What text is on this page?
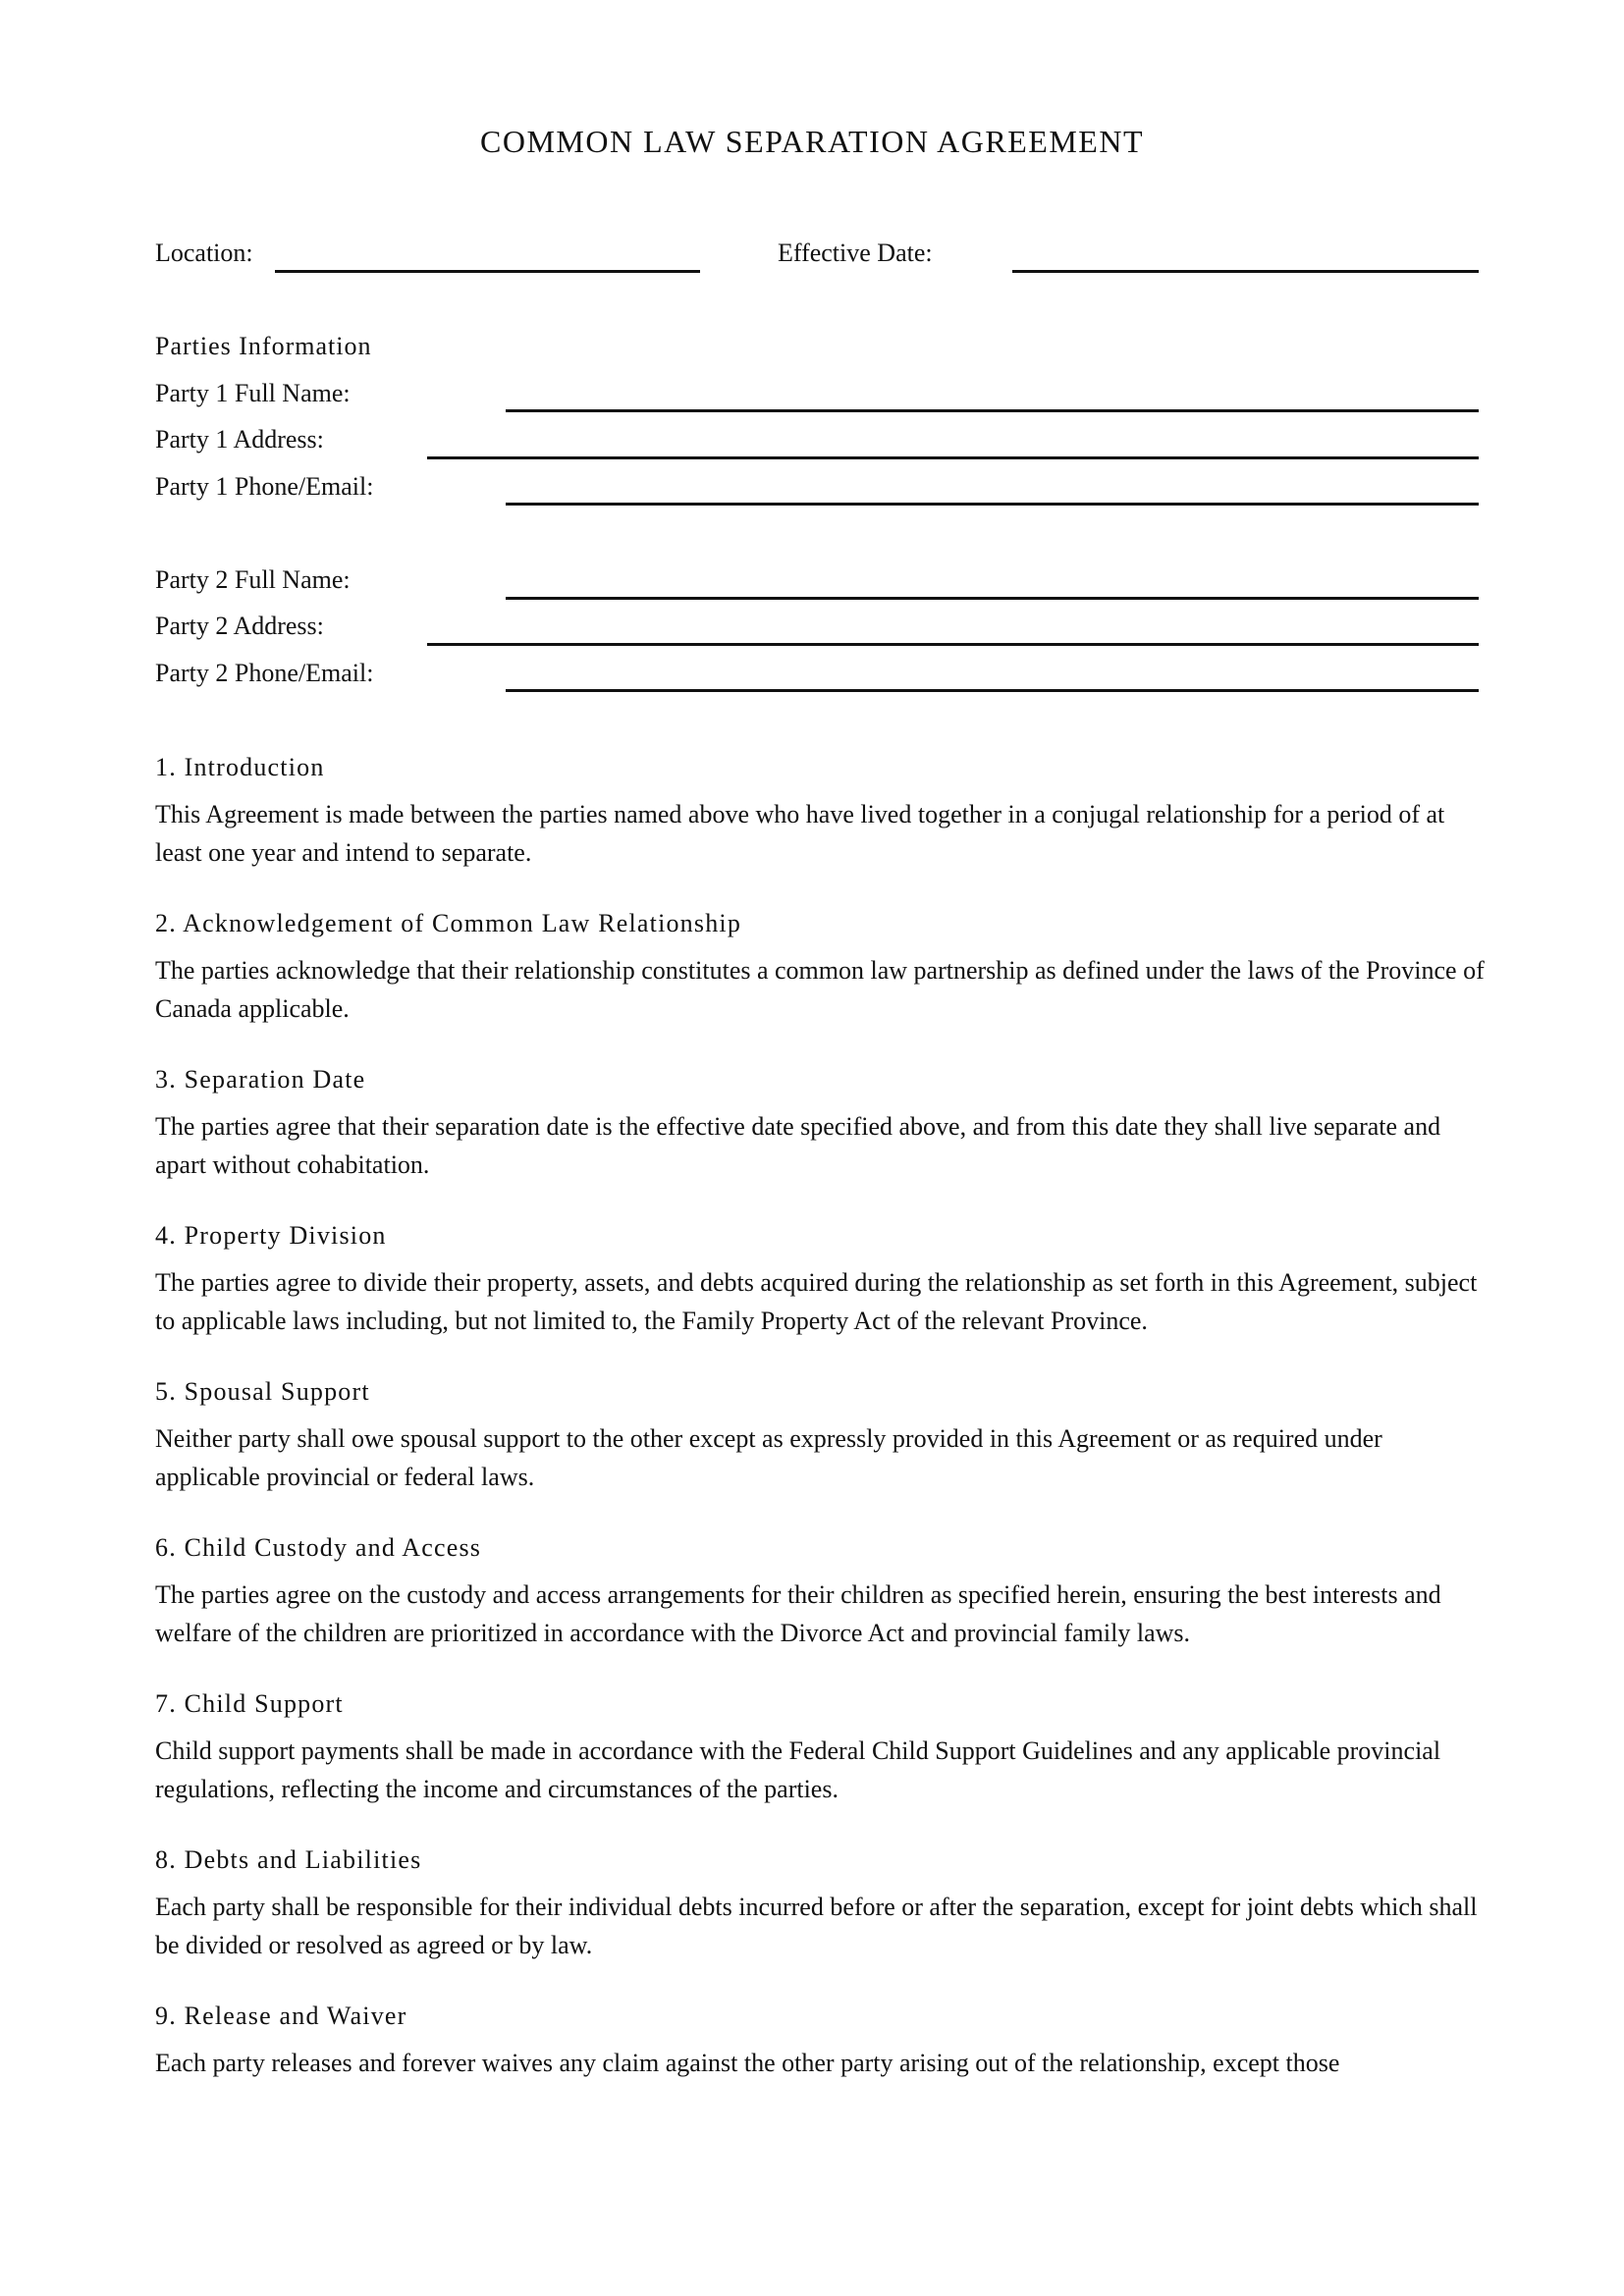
COMMON LAW SEPARATION AGREEMENT
Location:	Effective Date:
Parties Information
Party 1 Full Name:
Party 1 Address:
Party 1 Phone/Email:
Party 2 Full Name:
Party 2 Address:
Party 2 Phone/Email:
1. Introduction
This Agreement is made between the parties named above who have lived together in a conjugal relationship for a period of at least one year and intend to separate.
2. Acknowledgement of Common Law Relationship
The parties acknowledge that their relationship constitutes a common law partnership as defined under the laws of the Province of Canada applicable.
3. Separation Date
The parties agree that their separation date is the effective date specified above, and from this date they shall live separate and apart without cohabitation.
4. Property Division
The parties agree to divide their property, assets, and debts acquired during the relationship as set forth in this Agreement, subject to applicable laws including, but not limited to, the Family Property Act of the relevant Province.
5. Spousal Support
Neither party shall owe spousal support to the other except as expressly provided in this Agreement or as required under applicable provincial or federal laws.
6. Child Custody and Access
The parties agree on the custody and access arrangements for their children as specified herein, ensuring the best interests and welfare of the children are prioritized in accordance with the Divorce Act and provincial family laws.
7. Child Support
Child support payments shall be made in accordance with the Federal Child Support Guidelines and any applicable provincial regulations, reflecting the income and circumstances of the parties.
8. Debts and Liabilities
Each party shall be responsible for their individual debts incurred before or after the separation, except for joint debts which shall be divided or resolved as agreed or by law.
9. Release and Waiver
Each party releases and forever waives any claim against the other party arising out of the relationship, except those
